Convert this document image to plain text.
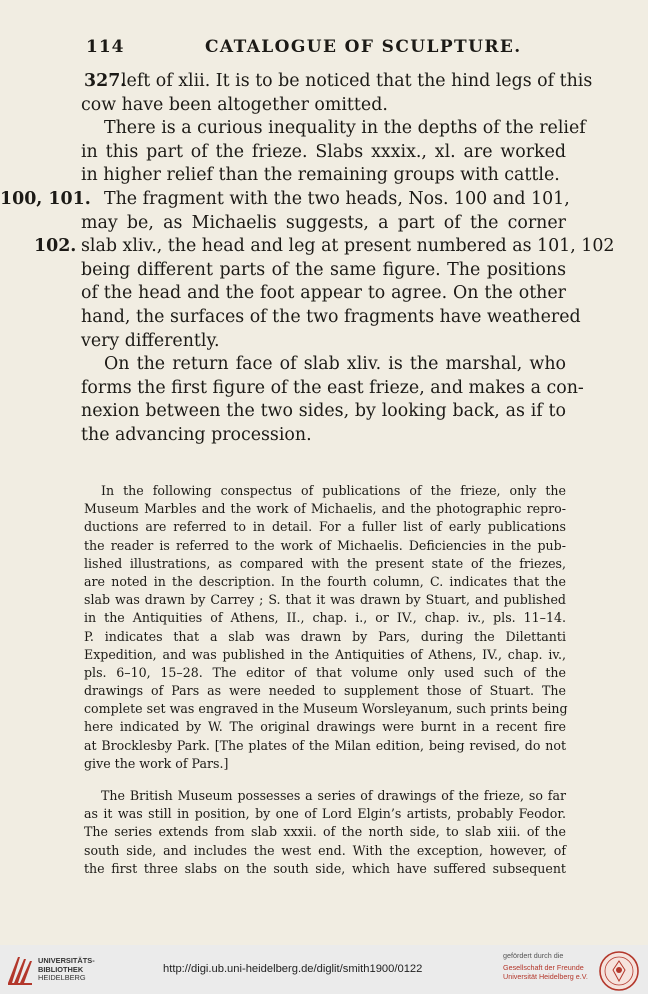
114	CATALOGUE OF SCULPTURE.
327.
left of xlii. It is to be noticed that the hind legs of this
cow have been altogether omitted.
There is a curious inequality in the depths of the relief
in this part of the frieze. Slabs xxxix., xl. are worked
in higher relief than the remaining groups with cattle.
100, 101. The fragment with the two heads, Nos. 100 and 101,
may be, as Michaelis suggests, a part of the corner
102. slab xliv., the head and leg at present numbered as 101, 102
being different parts of the same figure. The positions
of the head and the foot appear to agree. On the other
hand, the surfaces of the two fragments have weathered
very differently.
On the return face of slab xliv. is the marshal, who
forms the first figure of the east frieze, and makes a con-
nexion between the two sides, by looking back, as if to
the advancing procession.
In the following conspectus of publications of the frieze, only the
Museum Marbles and the work of Michaelis, and the photographic repro-
ductions are referred to in detail. For a fuller list of early publications
the reader is referred to the work of Michaelis. Deficiencies in the pub-
lished illustrations, as compared with the present state of the friezes,
are noted in the description. In the fourth column, C. indicates that the
slab was drawn by Carrey ; S. that it was drawn by Stuart, and published
in the Antiquities of Athens, II., chap. i., or IV., chap. iv., pls. 11–14.
P. indicates that a slab was drawn by Pars, during the Dilettanti
Expedition, and was published in the Antiquities of Athens, IV., chap. iv.,
pls. 6–10, 15–28. The editor of that volume only used such of the
drawings of Pars as were needed to supplement those of Stuart. The
complete set was engraved in the Museum Worsleyanum, such prints being
here indicated by W. The original drawings were burnt in a recent fire
at Brocklesby Park. [The plates of the Milan edition, being revised, do not
give the work of Pars.]
The British Museum possesses a series of drawings of the frieze, so far
as it was still in position, by one of Lord Elgin’s artists, probably Feodor.
The series extends from slab xxxii. of the north side, to slab xiii. of the
south side, and includes the west end. With the exception, however, of
the first three slabs on the south side, which have suffered subsequent
UNIVERSITÄTS-
BIBLIOTHEK
HEIDELBERG
http://digi.ub.uni-heidelberg.de/diglit/smith1900/0122
gefördert durch die
Gesellschaft der Freunde
Universität Heidelberg e.V.
